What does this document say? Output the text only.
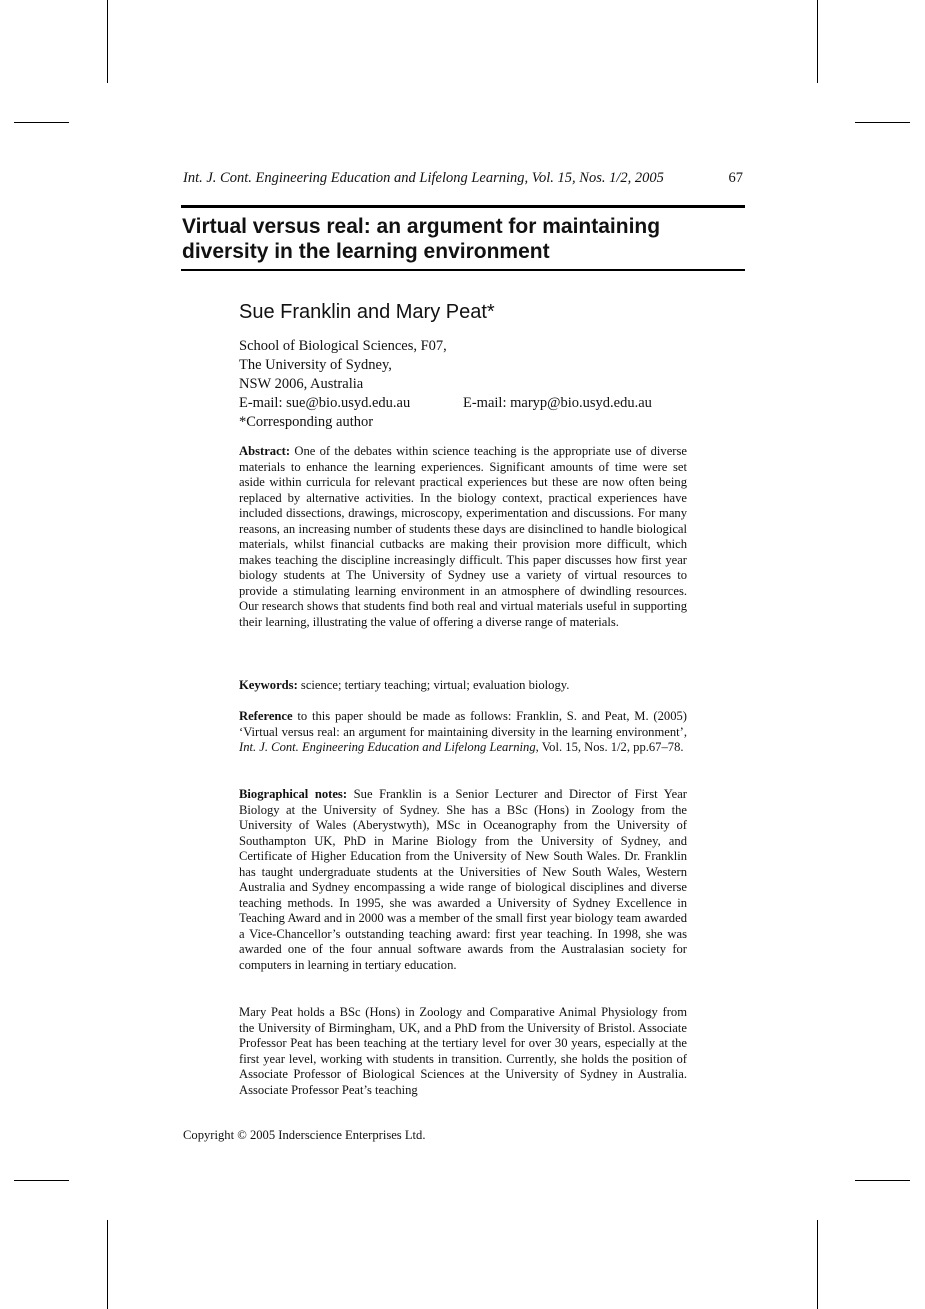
Int. J. Cont. Engineering Education and Lifelong Learning, Vol. 15, Nos. 1/2, 2005	67
Virtual versus real: an argument for maintaining diversity in the learning environment
Sue Franklin and Mary Peat*
School of Biological Sciences, F07,
The University of Sydney,
NSW 2006, Australia
E-mail: sue@bio.usyd.edu.au	E-mail: maryp@bio.usyd.edu.au
*Corresponding author

Abstract: One of the debates within science teaching is the appropriate use of diverse materials to enhance the learning experiences. Significant amounts of time were set aside within curricula for relevant practical experiences but these are now often being replaced by alternative activities. In the biology context, practical experiences have included dissections, drawings, microscopy, experimentation and discussions. For many reasons, an increasing number of students these days are disinclined to handle biological materials, whilst financial cutbacks are making their provision more difficult, which makes teaching the discipline increasingly difficult. This paper discusses how first year biology students at The University of Sydney use a variety of virtual resources to provide a stimulating learning environment in an atmosphere of dwindling resources. Our research shows that students find both real and virtual materials useful in supporting their learning, illustrating the value of offering a diverse range of materials.

Keywords: science; tertiary teaching; virtual; evaluation biology.

Reference to this paper should be made as follows: Franklin, S. and Peat, M. (2005) ‘Virtual versus real: an argument for maintaining diversity in the learning environment’, Int. J. Cont. Engineering Education and Lifelong Learning, Vol. 15, Nos. 1/2, pp.67–78.

Biographical notes: Sue Franklin is a Senior Lecturer and Director of First Year Biology at the University of Sydney. She has a BSc (Hons) in Zoology from the University of Wales (Aberystwyth), MSc in Oceanography from the University of Southampton UK, PhD in Marine Biology from the University of Sydney, and Certificate of Higher Education from the University of New South Wales. Dr. Franklin has taught undergraduate students at the Universities of New South Wales, Western Australia and Sydney encompassing a wide range of biological disciplines and diverse teaching methods. In 1995, she was awarded a University of Sydney Excellence in Teaching Award and in 2000 was a member of the small first year biology team awarded a Vice-Chancellor’s outstanding teaching award: first year teaching. In 1998, she was awarded one of the four annual software awards from the Australasian society for computers in learning in tertiary education.

Mary Peat holds a BSc (Hons) in Zoology and Comparative Animal Physiology from the University of Birmingham, UK, and a PhD from the University of Bristol. Associate Professor Peat has been teaching at the tertiary level for over 30 years, especially at the first year level, working with students in transition. Currently, she holds the position of Associate Professor of Biological Sciences at the University of Sydney in Australia. Associate Professor Peat’s teaching

Copyright © 2005 Inderscience Enterprises Ltd.
